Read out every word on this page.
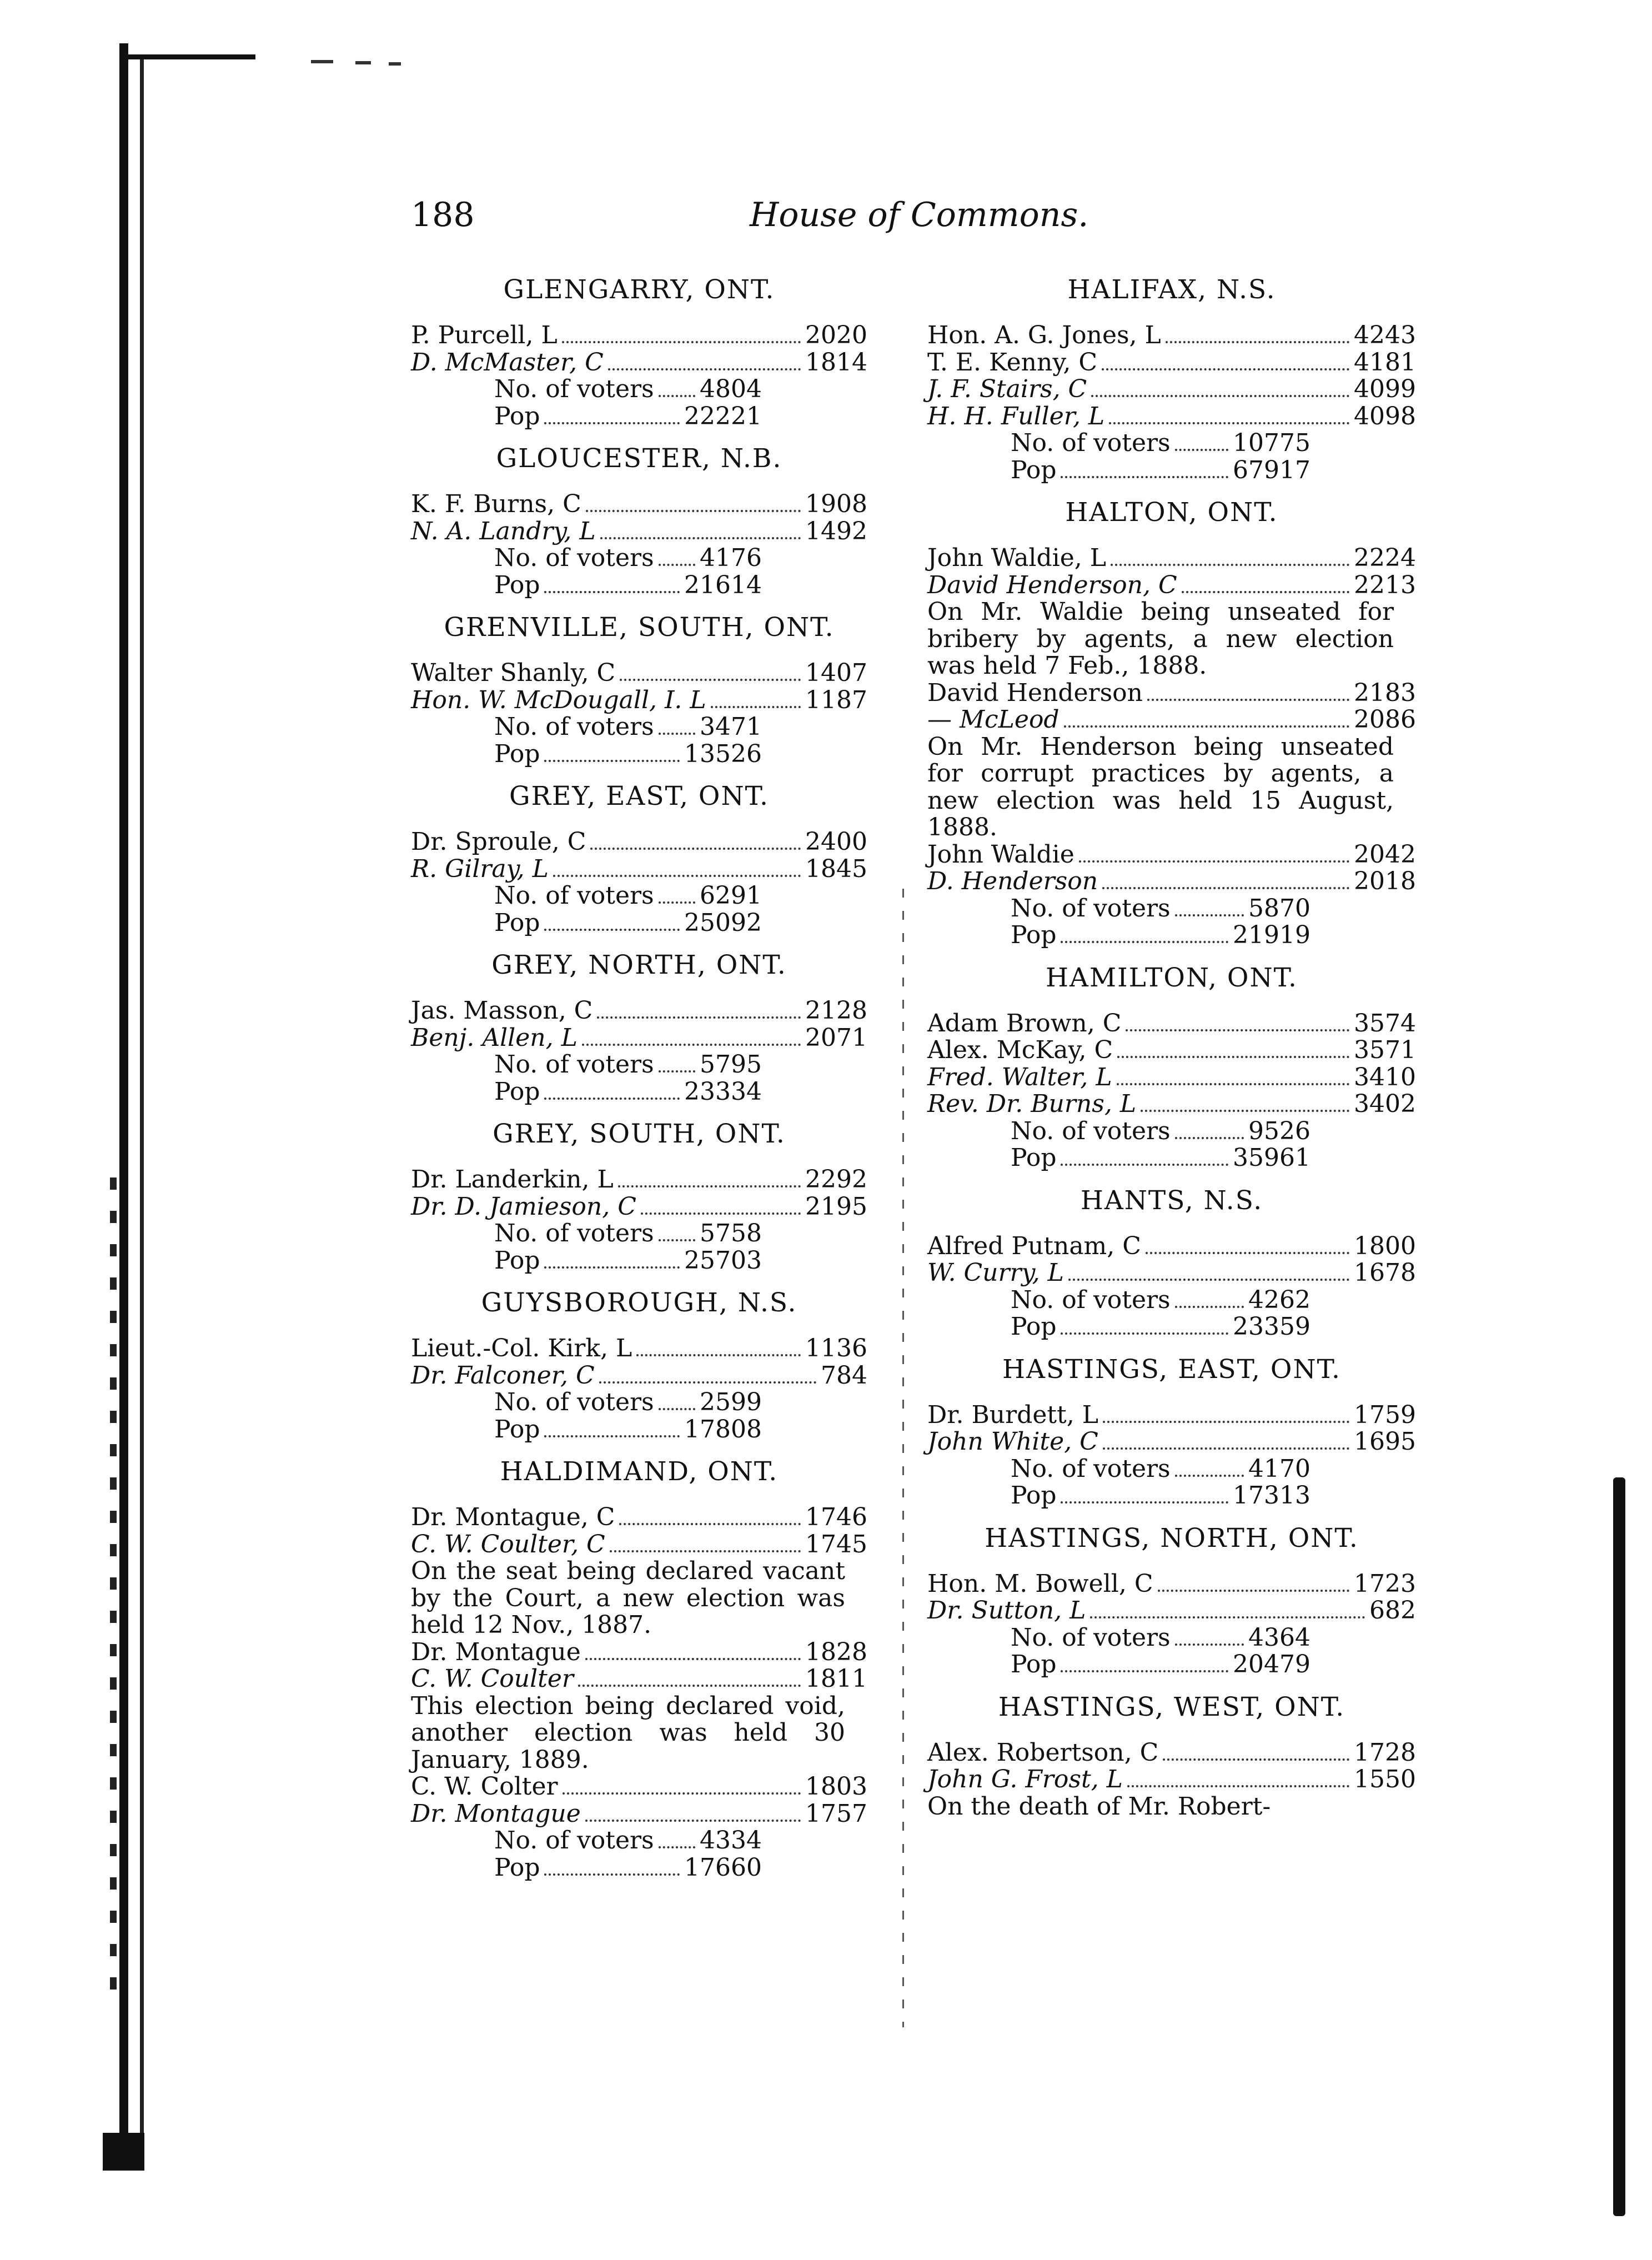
188	House of Commons.
GLENGARRY, ONT.
P. Purcell, L	2020
D. McMaster, C	1814
No. of voters 4804
Pop	22221
GLOUCESTER, N.B.
K. F. Burns, C	1908
N. A. Landry, L	1492
No. of voters 4176
Pop	21614
GRENVILLE, SOUTH, ONT.
Walter Shanly, C	1407
Hon. W. McDougall, I. L	1187
No. of voters 3471
Pop	13526
GREY, EAST, ONT.
Dr. Sproule, C	2400
R. Gilray, L	1845
No. of voters 6291
Pop	25092
GREY, NORTH, ONT.
Jas. Masson, C	2128
Benj. Allen, L	2071
No. of voters 5795
Pop	23334
GREY, SOUTH, ONT.
Dr. Landerkin, L	2292
Dr. D. Jamieson, C	2195
No. of voters 5758
Pop	25703
GUYSBOROUGH, N.S.
Lieut.-Col. Kirk, L	1136
Dr. Falconer, C	784
No. of voters 2599
Pop	17808
HALDIMAND, ONT.
Dr. Montague, C	1746
C. W. Coulter, C	1745
On the seat being declared vacant by the Court, a new election was held 12 Nov., 1887.
Dr. Montague	1828
C. W. Coulter	1811
This election being declared void, another election was held 30 January, 1889.
C. W. Colter	1803
Dr. Montague	1757
No. of voters 4334
Pop	17660
HALIFAX, N.S.
Hon. A. G. Jones, L	4243
T. E. Kenny, C	4181
J. F. Stairs, C	4099
H. H. Fuller, L	4098
No. of voters	10775
Pop	67917
HALTON, ONT.
John Waldie, L	2224
David Henderson, C	2213
On Mr. Waldie being unseated for bribery by agents, a new election was held 7 Feb., 1888.
David Henderson	2183
— McLeod	2086
On Mr. Henderson being unseated for corrupt practices by agents, a new election was held 15 August, 1888.
John Waldie	2042
D. Henderson	2018
No. of voters	5870
Pop	21919
HAMILTON, ONT.
Adam Brown, C	3574
Alex. McKay, C	3571
Fred. Walter, L	3410
Rev. Dr. Burns, L	3402
No. of voters	9526
Pop	35961
HANTS, N.S.
Alfred Putnam, C	1800
W. Curry, L	1678
No. of voters	4262
Pop	23359
HASTINGS, EAST, ONT.
Dr. Burdett, L	1759
John White, C	1695
No. of voters	4170
Pop	17313
HASTINGS, NORTH, ONT.
Hon. M. Bowell, C	1723
Dr. Sutton, L	682
No. of voters	4364
Pop	20479
HASTINGS, WEST, ONT.
Alex. Robertson, C	1728
John G. Frost, L	1550
On the death of Mr. Robert-
